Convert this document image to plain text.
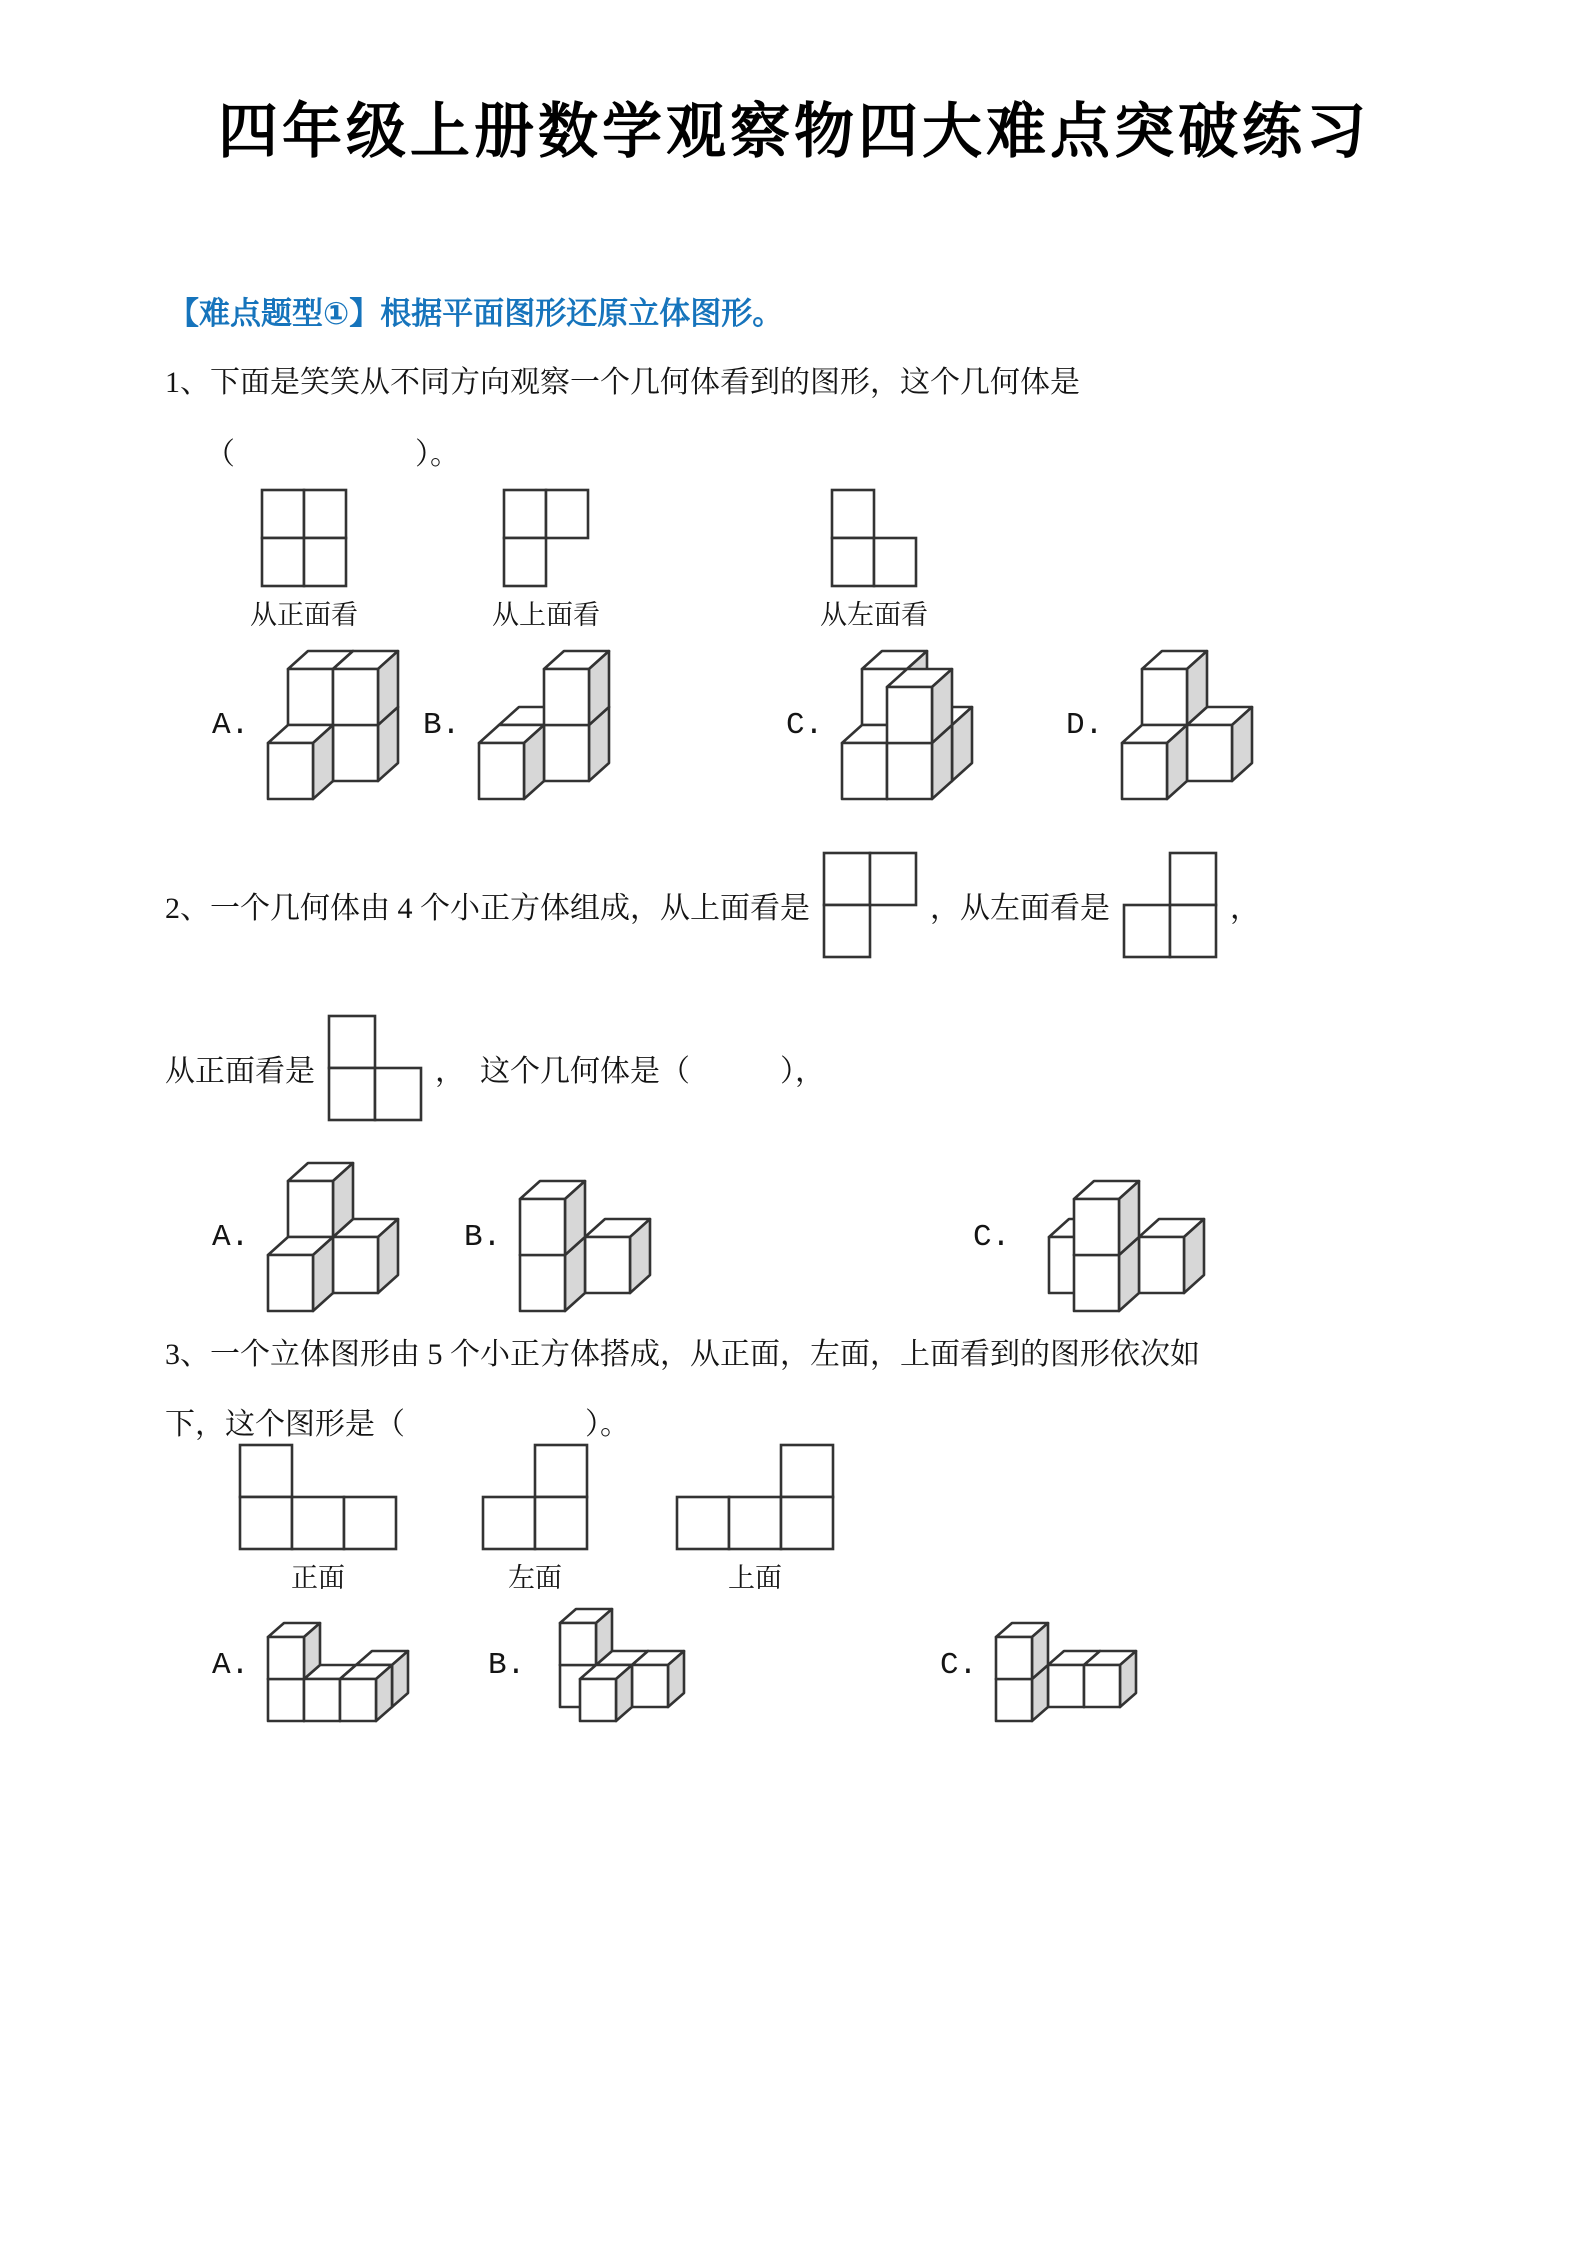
四年级上册数学观察物四大难点突破练习
【难点题型①】根据平面图形还原立体图形。
1、下面是笑笑从不同方向观察一个几何体看到的图形，这个几何体是
（　　　　　　）。
从正面看	从上面看	从左面看
A.	B.	C.	D.
2、一个几何体由 4 个小正方体组成，从上面看是	，从左面看是	，
从正面看是	，  这个几何体是（　　　），
A.	B.	C.
3、一个立体图形由 5 个小正方体搭成，从正面，左面，上面看到的图形依次如
下，这个图形是（　　　　　　）。
正面	左面	上面
A.	B.	C.
